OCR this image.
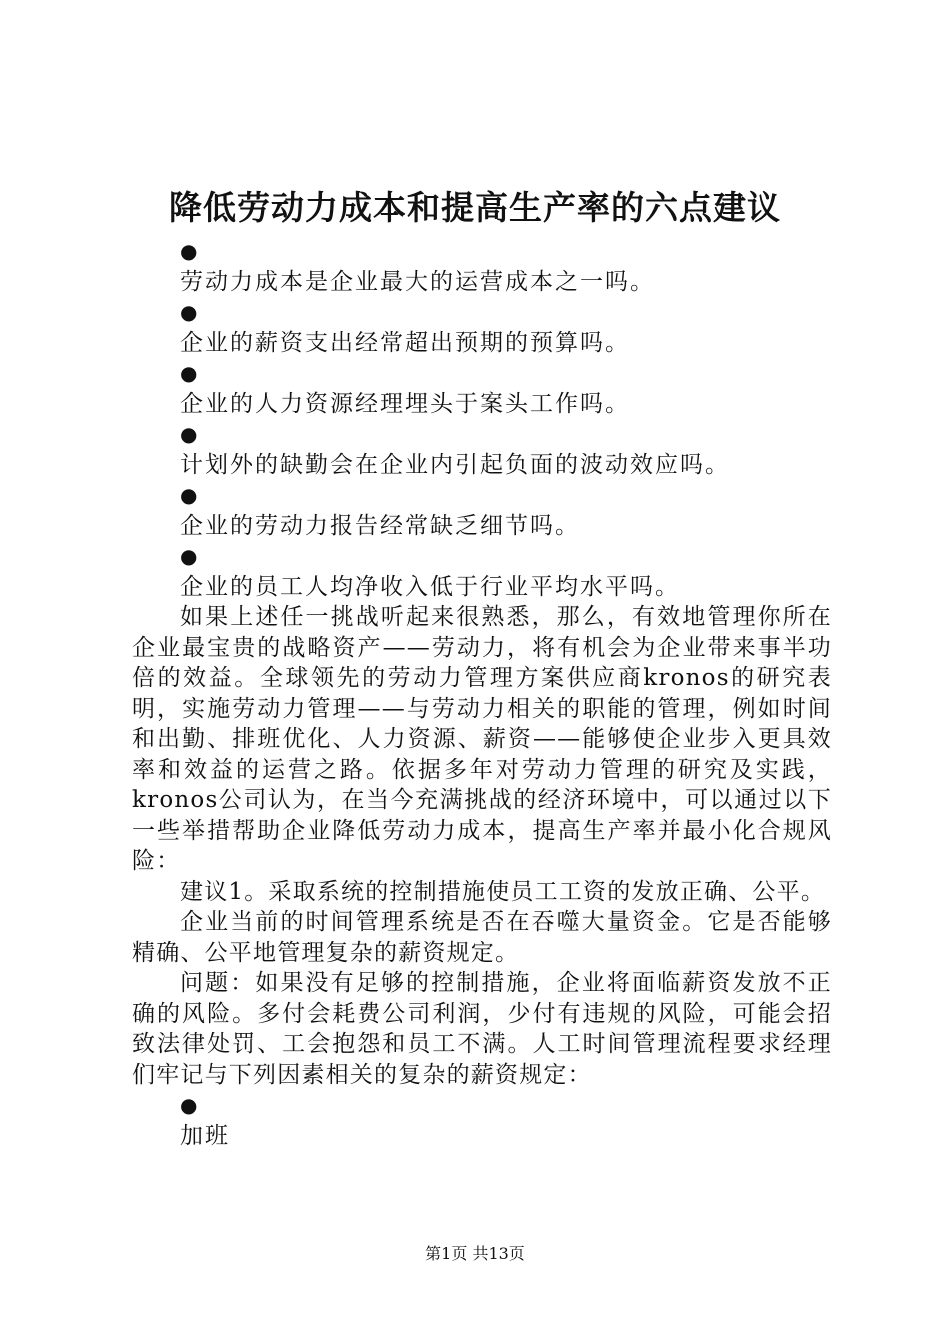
降低劳动力成本和提高生产率的六点建议
●
劳动力成本是企业最大的运营成本之一吗。
●
企业的薪资支出经常超出预期的预算吗。
●
企业的人力资源经理埋头于案头工作吗。
●
计划外的缺勤会在企业内引起负面的波动效应吗。
●
企业的劳动力报告经常缺乏细节吗。
●
企业的员工人均净收入低于行业平均水平吗。

如果上述任一挑战听起来很熟悉，那么，有效地管理你所在企业最宝贵的战略资产——劳动力，将有机会为企业带来事半功倍的效益。全球领先的劳动力管理方案供应商kronos的研究表明，实施劳动力管理——与劳动力相关的职能的管理，例如时间和出勤、排班优化、人力资源、薪资——能够使企业步入更具效率和效益的运营之路。依据多年对劳动力管理的研究及实践，kronos公司认为，在当今充满挑战的经济环境中，可以通过以下一些举措帮助企业降低劳动力成本，提高生产率并最小化合规风险：

建议1。采取系统的控制措施使员工工资的发放正确、公平。

企业当前的时间管理系统是否在吞噬大量资金。它是否能够精确、公平地管理复杂的薪资规定。

问题：如果没有足够的控制措施，企业将面临薪资发放不正确的风险。多付会耗费公司利润，少付有违规的风险，可能会招致法律处罚、工会抱怨和员工不满。人工时间管理流程要求经理们牢记与下列因素相关的复杂的薪资规定：

●
加班
第1页 共13页
